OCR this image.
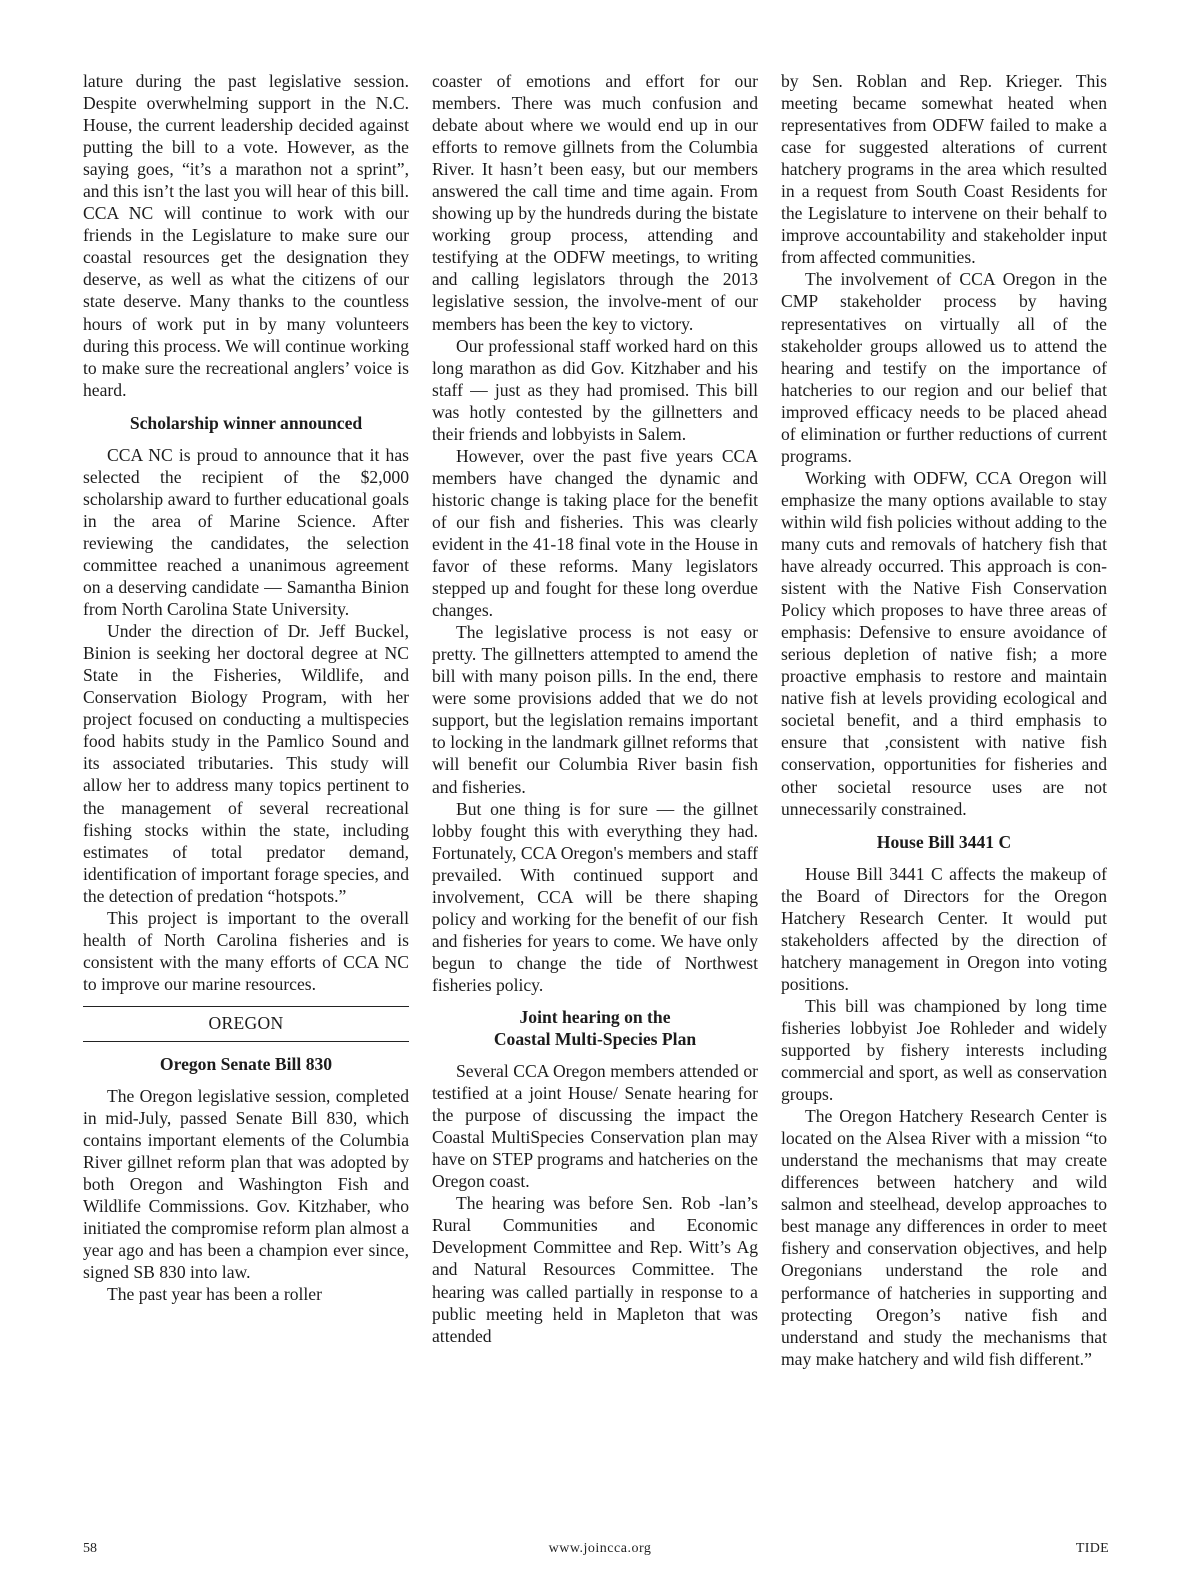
lature during the past legislative session. Despite overwhelming support in the N.C. House, the current leadership decided against putting the bill to a vote. However, as the saying goes, “it’s a marathon not a sprint”, and this isn’t the last you will hear of this bill. CCA NC will continue to work with our friends in the Legislature to make sure our coastal resources get the designation they deserve, as well as what the citizens of our state deserve. Many thanks to the countless hours of work put in by many volunteers during this process. We will continue working to make sure the recreational anglers’ voice is heard.

Scholarship winner announced

CCA NC is proud to announce that it has selected the recipient of the $2,000 scholarship award to further educational goals in the area of Marine Science. After reviewing the candidates, the selection committee reached a unanimous agreement on a deserving candidate — Samantha Binion from North Carolina State University.

Under the direction of Dr. Jeff Buckel, Binion is seeking her doctoral degree at NC State in the Fisheries, Wildlife, and Conservation Biology Program, with her project focused on conducting a multispecies food habits study in the Pamlico Sound and its associated tributaries. This study will allow her to address many topics pertinent to the management of several recreational fishing stocks within the state, including estimates of total predator demand, identification of important forage species, and the detection of predation “hotspots.”

This project is important to the overall health of North Carolina fisheries and is consistent with the many efforts of CCA NC to improve our marine resources.

OREGON
Oregon Senate Bill 830

The Oregon legislative session, completed in mid-July, passed Senate Bill 830, which contains important elements of the Columbia River gillnet reform plan that was adopted by both Oregon and Washington Fish and Wildlife Commissions. Gov. Kitzhaber, who initiated the compromise reform plan almost a year ago and has been a champion ever since, signed SB 830 into law.

The past year has been a roller

coaster of emotions and effort for our members. There was much confusion and debate about where we would end up in our efforts to remove gillnets from the Columbia River. It hasn’t been easy, but our members answered the call time and time again. From showing up by the hundreds during the bistate working group process, attending and testifying at the ODFW meetings, to writing and calling legislators through the 2013 legislative session, the involve-ment of our members has been the key to victory.

Our professional staff worked hard on this long marathon as did Gov. Kitzhaber and his staff — just as they had promised. This bill was hotly contested by the gillnetters and their friends and lobbyists in Salem.

However, over the past five years CCA members have changed the dynamic and historic change is taking place for the benefit of our fish and fisheries. This was clearly evident in the 41-18 final vote in the House in favor of these reforms. Many legislators stepped up and fought for these long overdue changes.

The legislative process is not easy or pretty. The gillnetters attempted to amend the bill with many poison pills. In the end, there were some provisions added that we do not support, but the legislation remains important to locking in the landmark gillnet reforms that will benefit our Columbia River basin fish and fisheries.

But one thing is for sure — the gillnet lobby fought this with everything they had. Fortunately, CCA Oregon's members and staff prevailed. With continued support and involvement, CCA will be there shaping policy and working for the benefit of our fish and fisheries for years to come. We have only begun to change the tide of Northwest fisheries policy.

Joint hearing on the
Coastal Multi-Species Plan

Several CCA Oregon members attended or testified at a joint House/ Senate hearing for the purpose of discussing the impact the Coastal MultiSpecies Conservation plan may have on STEP programs and hatcheries on the Oregon coast.

The hearing was before Sen. Rob -lan’s Rural Communities and Economic Development Committee and Rep. Witt’s Ag and Natural Resources Committee. The hearing was called partially in response to a public meeting held in Mapleton that was attended

by Sen. Roblan and Rep. Krieger. This meeting became somewhat heated when representatives from ODFW failed to make a case for suggested alterations of current hatchery programs in the area which resulted in a request from South Coast Residents for the Legislature to intervene on their behalf to improve accountability and stakeholder input from affected communities.

The involvement of CCA Oregon in the CMP stakeholder process by having representatives on virtually all of the stakeholder groups allowed us to attend the hearing and testify on the importance of hatcheries to our region and our belief that improved efficacy needs to be placed ahead of elimination or further reductions of current programs.

Working with ODFW, CCA Oregon will emphasize the many options available to stay within wild fish policies without adding to the many cuts and removals of hatchery fish that have already occurred. This approach is consistent with the Native Fish Conservation Policy which proposes to have three areas of emphasis: Defensive to ensure avoidance of serious depletion of native fish; a more proactive emphasis to restore and maintain native fish at levels providing ecological and societal benefit, and a third emphasis to ensure that ,consistent with native fish conservation, opportunities for fisheries and other societal resource uses are not unnecessarily constrained.

House Bill 3441 C

House Bill 3441 C affects the makeup of the Board of Directors for the Oregon Hatchery Research Center. It would put stakeholders affected by the direction of hatchery management in Oregon into voting positions.

This bill was championed by long time fisheries lobbyist Joe Rohleder and widely supported by fishery interests including commercial and sport, as well as conservation groups.

The Oregon Hatchery Research Center is located on the Alsea River with a mission “to understand the mechanisms that may create differences between hatchery and wild salmon and steelhead, develop approaches to best manage any differences in order to meet fishery and conservation objectives, and help Oregonians understand the role and performance of hatcheries in supporting and protecting Oregon’s native fish and understand and study the mechanisms that may make hatchery and wild fish different.”

58	www.joincca.org	TIDE
